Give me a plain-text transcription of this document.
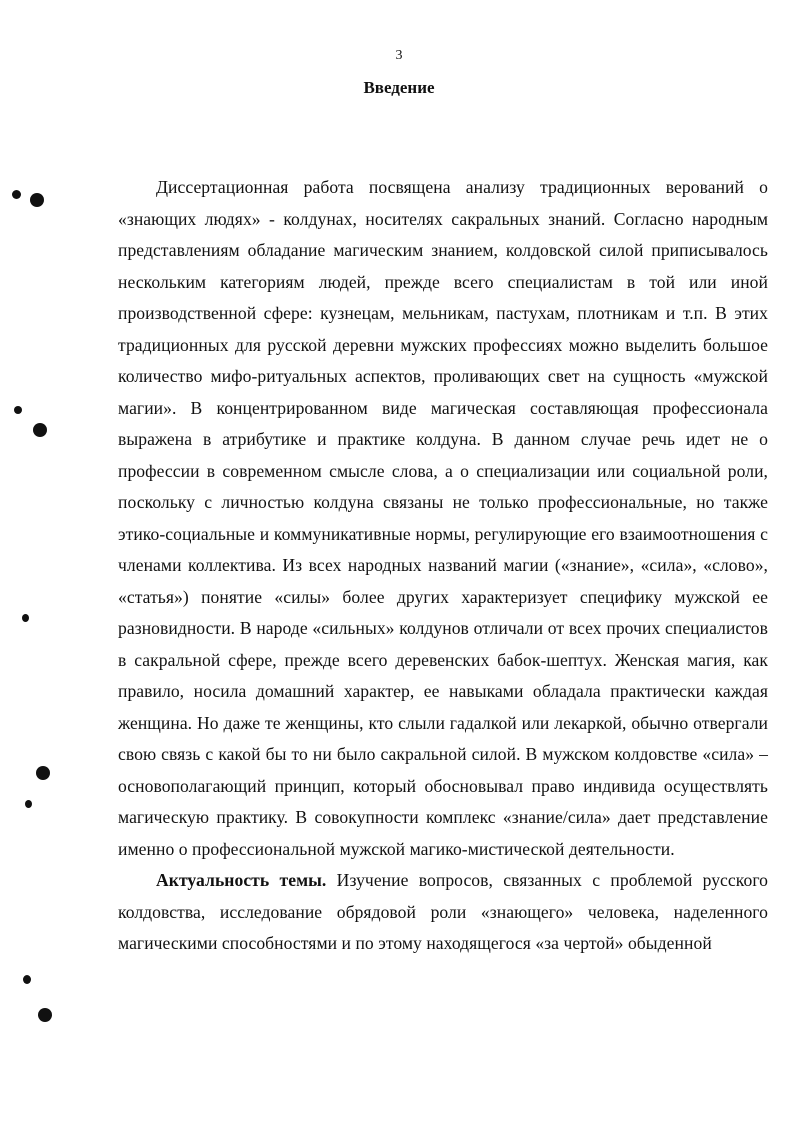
3
Введение

Диссертационная работа посвящена анализу традиционных верований о «знающих людях» - колдунах, носителях сакральных знаний. Согласно народным представлениям обладание магическим знанием, колдовской силой приписывалось нескольким категориям людей, прежде всего специалистам в той или иной производственной сфере: кузнецам, мельникам, пастухам, плотникам и т.п. В этих традиционных для русской деревни мужских профессиях можно выделить большое количество мифо-ритуальных аспектов, проливающих свет на сущность «мужской магии». В концентрированном виде магическая составляющая профессионала выражена в атрибутике и практике колдуна. В данном случае речь идет не о профессии в современном смысле слова, а о специализации или социальной роли, поскольку с личностью колдуна связаны не только профессиональные, но также этико-социальные и коммуникативные нормы, регулирующие его взаимоотношения с членами коллектива. Из всех народных названий магии («знание», «сила», «слово», «статья») понятие «силы» более других характеризует специфику мужской ее разновидности. В народе «сильных» колдунов отличали от всех прочих специалистов в сакральной сфере, прежде всего деревенских бабок-шептух. Женская магия, как правило, носила домашний характер, ее навыками обладала практически каждая женщина. Но даже те женщины, кто слыли гадалкой или лекаркой, обычно отвергали свою связь с какой бы то ни было сакральной силой. В мужском колдовстве «сила» – основополагающий принцип, который обосновывал право индивида осуществлять магическую практику. В совокупности комплекс «знание/сила» дает представление именно о профессиональной мужской магико-мистической деятельности.

Актуальность темы. Изучение вопросов, связанных с проблемой русского колдовства, исследование обрядовой роли «знающего» человека, наделенного магическими способностями и по этому находящегося «за чертой» обыденной
